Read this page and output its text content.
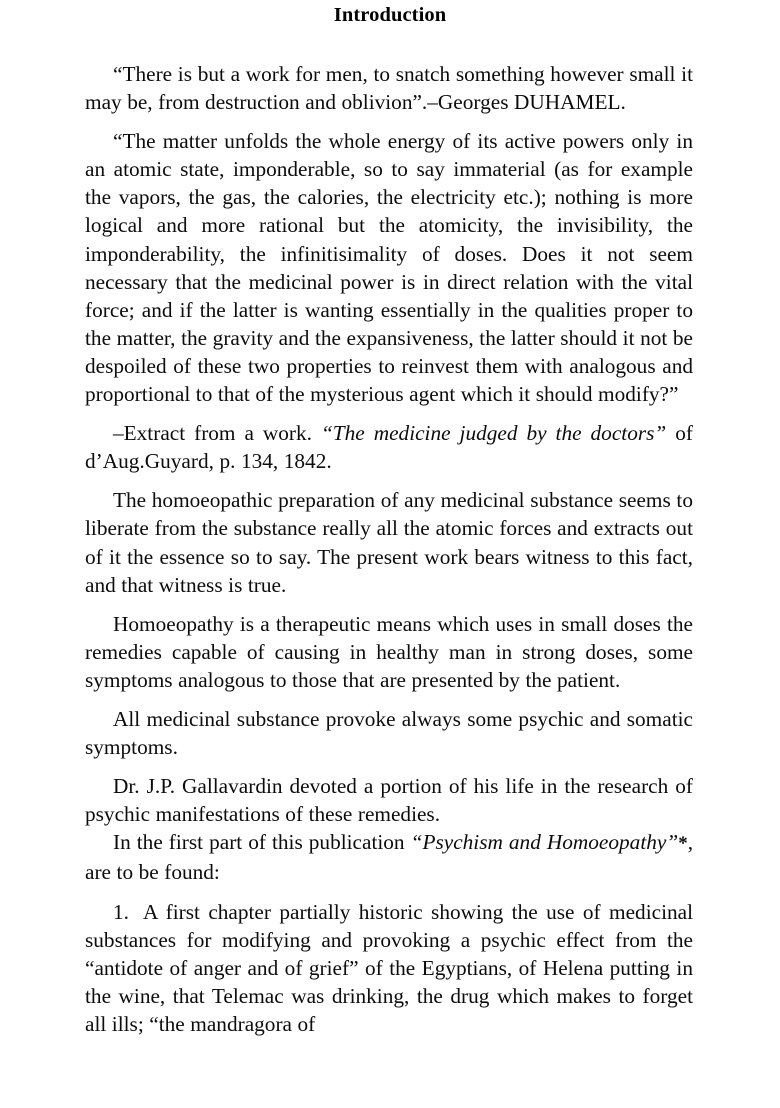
Introduction

“There is but a work for men, to snatch something however small it may be, from destruction and oblivion”.–Georges DUHAMEL.

“The matter unfolds the whole energy of its active powers only in an atomic state, imponderable, so to say immaterial (as for example the vapors, the gas, the calories, the electricity etc.); nothing is more logical and more rational but the atomicity, the invisibility, the imponderability, the infinitisimality of doses. Does it not seem necessary that the medicinal power is in direct relation with the vital force; and if the latter is wanting essentially in the qualities proper to the matter, the gravity and the expansiveness, the latter should it not be despoiled of these two properties to reinvest them with analogous and proportional to that of the mysterious agent which it should modify?”

–Extract from a work. “The medicine judged by the doctors” of d’Aug.Guyard, p. 134, 1842.

The homoeopathic preparation of any medicinal substance seems to liberate from the substance really all the atomic forces and extracts out of it the essence so to say. The present work bears witness to this fact, and that witness is true.

Homoeopathy is a therapeutic means which uses in small doses the remedies capable of causing in healthy man in strong doses, some symptoms analogous to those that are presented by the patient.

All medicinal substance provoke always some psychic and somatic symptoms.

Dr. J.P. Gallavardin devoted a portion of his life in the research of psychic manifestations of these remedies.

In the first part of this publication “Psychism and Homoeopathy”*, are to be found:

1. A first chapter partially historic showing the use of medicinal substances for modifying and provoking a psychic effect from the “antidote of anger and of grief” of the Egyptians, of Helena putting in the wine, that Telemac was drinking, the drug which makes to forget all ills; “the mandragora of
